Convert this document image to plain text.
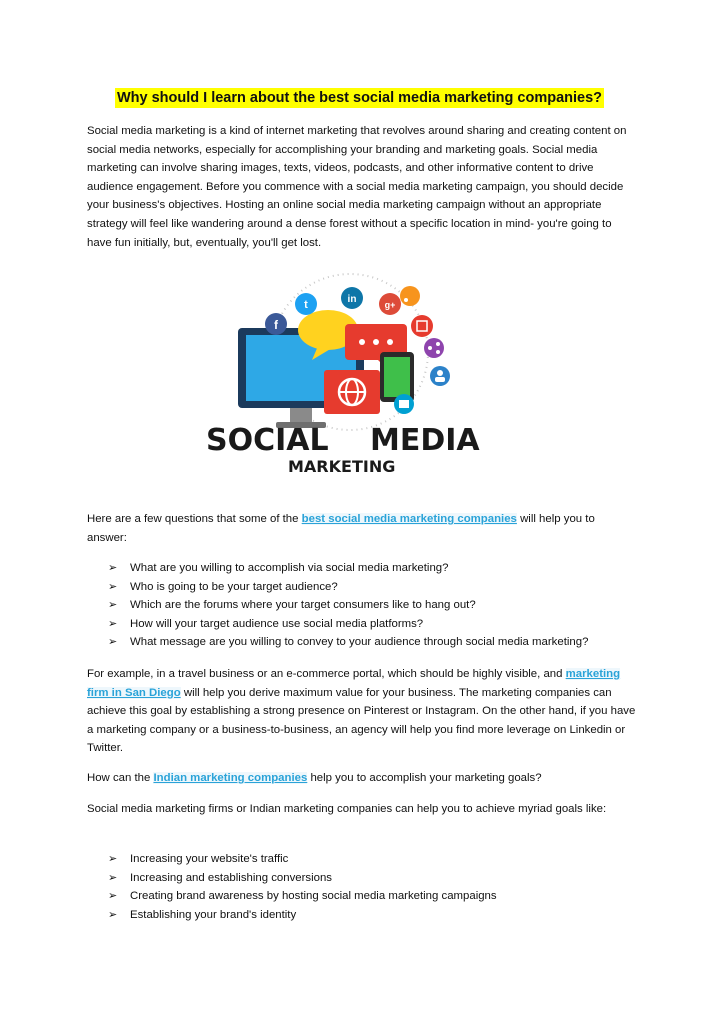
Why should I learn about the best social media marketing companies?

Social media marketing is a kind of internet marketing that revolves around sharing and creating content on social media networks, especially for accomplishing your branding and marketing goals. Social media marketing can involve sharing images, texts, videos, podcasts, and other informative content to drive audience engagement. Before you commence with a social media marketing campaign, you should decide your business's objectives. Hosting an online social media marketing campaign without an appropriate strategy will feel like wandering around a dense forest without a specific location in mind- you're going to have fun initially, but, eventually, you'll get lost.

t	in	g+
f
SOCIAL MEDIA
MARKETING

Here are a few questions that some of the best social media marketing companies will help you to answer:

➢ What are you willing to accomplish via social media marketing?
➢ Who is going to be your target audience?
➢ Which are the forums where your target consumers like to hang out?
➢ How will your target audience use social media platforms?
➢ What message are you willing to convey to your audience through social media marketing?

For example, in a travel business or an e-commerce portal, which should be highly visible, and marketing firm in San Diego will help you derive maximum value for your business. The marketing companies can achieve this goal by establishing a strong presence on Pinterest or Instagram. On the other hand, if you have a marketing company or a business-to-business, an agency will help you find more leverage on Linkedin or Twitter.

How can the Indian marketing companies help you to accomplish your marketing goals?

Social media marketing firms or Indian marketing companies can help you to achieve myriad goals like:

➢ Increasing your website's traffic
➢ Increasing and establishing conversions
➢ Creating brand awareness by hosting social media marketing campaigns
➢ Establishing your brand's identity
